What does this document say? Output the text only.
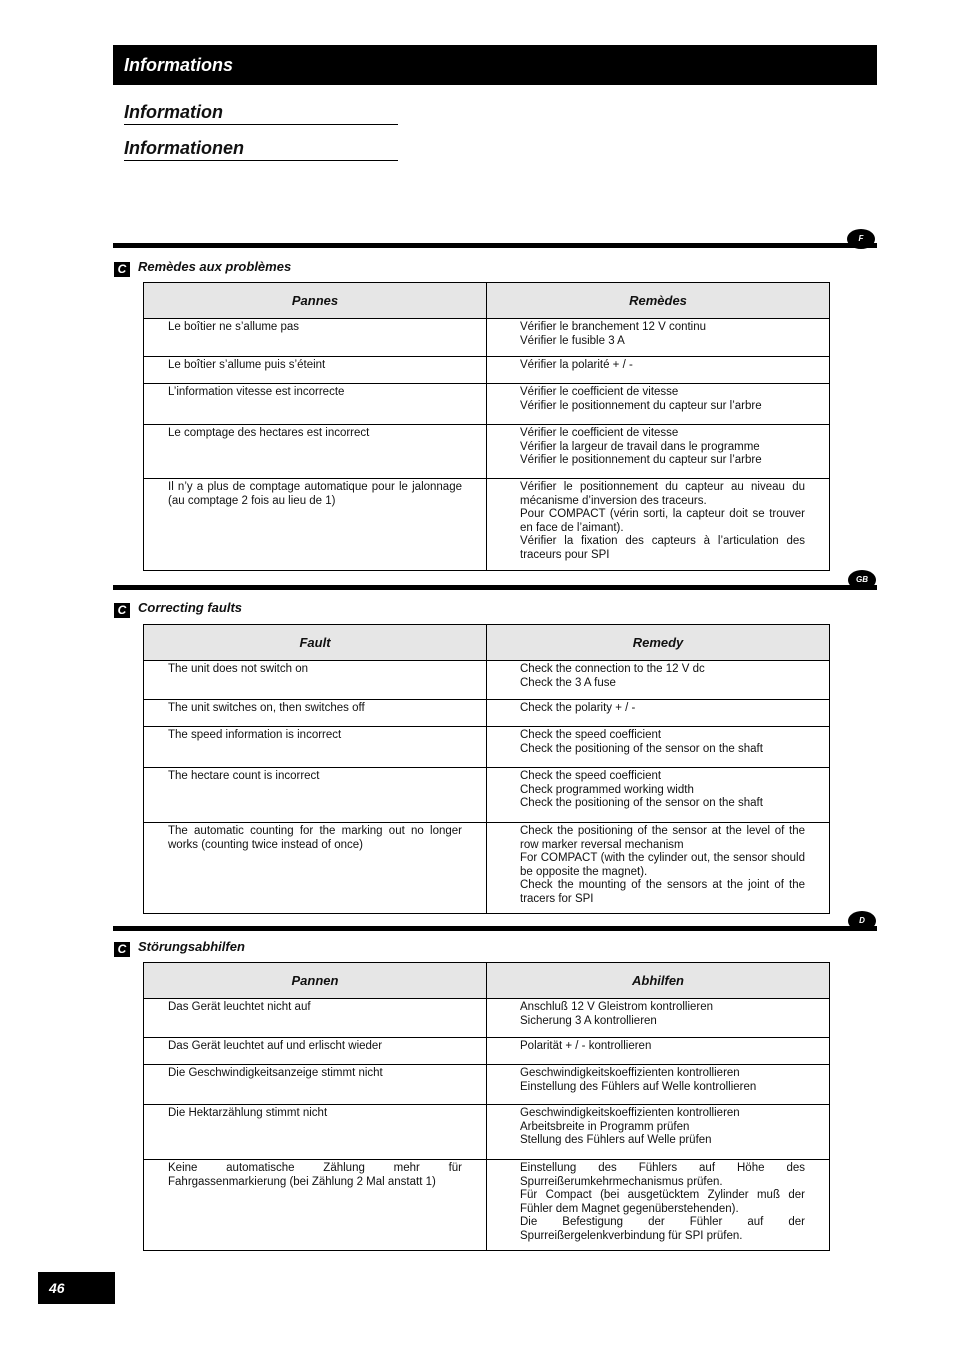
Informations
Information
Informationen
F
C Remèdes aux problèmes
Pannes	Remèdes
Le boîtier ne s’allume pas	Vérifier le branchement 12 V continu
Vérifier le fusible 3 A

Le boîtier s’allume puis s’éteint	Vérifier la polarité + / -

L’information vitesse est incorrecte	Vérifier le coefficient de vitesse
Vérifier le positionnement du capteur sur l’arbre

Le comptage des hectares est incorrect	Vérifier le coefficient de vitesse
Vérifier la largeur de travail dans le programme
Vérifier le positionnement du capteur sur l’arbre

Il n’y a plus de comptage automatique pour le jalonnage (au comptage 2 fois au lieu de 1)	Vérifier le positionnement du capteur au niveau du mécanisme d’inversion des traceurs.
Pour COMPACT (vérin sorti, la capteur doit se trouver en face de l’aimant).
Vérifier la fixation des capteurs à l’articulation des traceurs pour SPI
GB
C Correcting faults
Fault	Remedy
The unit does not switch on	Check the connection to the 12 V dc
Check the 3 A fuse

The unit switches on, then switches off	Check the polarity + / -

The speed information is incorrect	Check the speed coefficient
Check the positioning of the sensor on the shaft

The hectare count is incorrect	Check the speed coefficient
Check programmed working width
Check the positioning of the sensor on the shaft

The automatic counting for the marking out no longer works (counting twice instead of once)	Check the positioning of the sensor at the level of the row marker reversal mechanism
For COMPACT (with the cylinder out, the sensor should be opposite the magnet).
Check the mounting of the sensors at the joint of the tracers for SPI
D
C Störungsabhilfen
Pannen	Abhilfen
Das Gerät leuchtet nicht auf	Anschluß 12 V Gleistrom kontrollieren
Sicherung 3 A kontrollieren

Das Gerät leuchtet auf und erlischt wieder	Polarität + / - kontrollieren

Die Geschwindigkeitsanzeige stimmt nicht	Geschwindigkeitskoeffizienten kontrollieren
Einstellung des Fühlers auf Welle kontrollieren

Die Hektarzählung stimmt nicht	Geschwindigkeitskoeffizienten kontrollieren
Arbeitsbreite in Programm prüfen
Stellung des Fühlers auf Welle prüfen

Keine automatische Zählung mehr für Fahrgassenmarkierung (bei Zählung 2 Mal anstatt 1)	Einstellung des Fühlers auf Höhe des Spurreißerumkehrmechanismus prüfen.
Für Compact (bei ausgetücktem Zylinder muß der Fühler dem Magnet gegenüberstehenden).
Die Befestigung der Fühler auf der Spurreißergelenkverbindung für SPI prüfen.
46
